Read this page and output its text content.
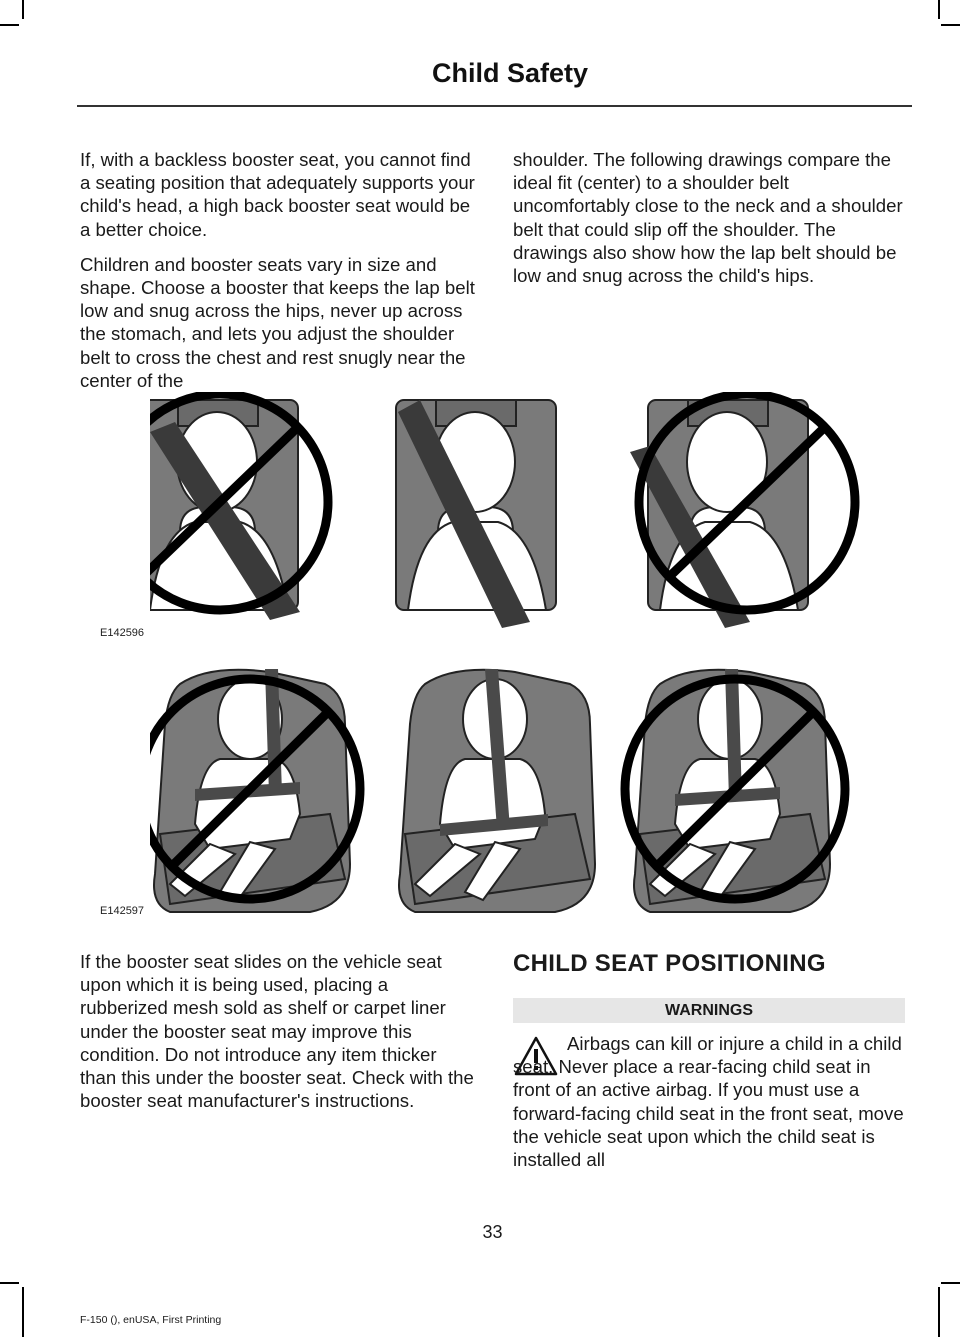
Child Safety

If, with a backless booster seat, you cannot find a seating position that adequately supports your child's head, a high back booster seat would be a better choice.

Children and booster seats vary in size and shape. Choose a booster that keeps the lap belt low and snug across the hips, never up across the stomach, and lets you adjust the shoulder belt to cross the chest and rest snugly near the center of the

shoulder. The following drawings compare the ideal fit (center) to a shoulder belt uncomfortably close to the neck and a shoulder belt that could slip off the shoulder. The drawings also show how the lap belt should be low and snug across the child's hips.

E142596
E142597

If the booster seat slides on the vehicle seat upon which it is being used, placing a rubberized mesh sold as shelf or carpet liner under the booster seat may improve this condition. Do not introduce any item thicker than this under the booster seat. Check with the booster seat manufacturer's instructions.

CHILD SEAT POSITIONING
WARNINGS
Airbags can kill or injure a child in a child seat. Never place a rear-facing child seat in front of an active airbag. If you must use a forward-facing child seat in the front seat, move the vehicle seat upon which the child seat is installed all
33
F-150 (), enUSA, First Printing
